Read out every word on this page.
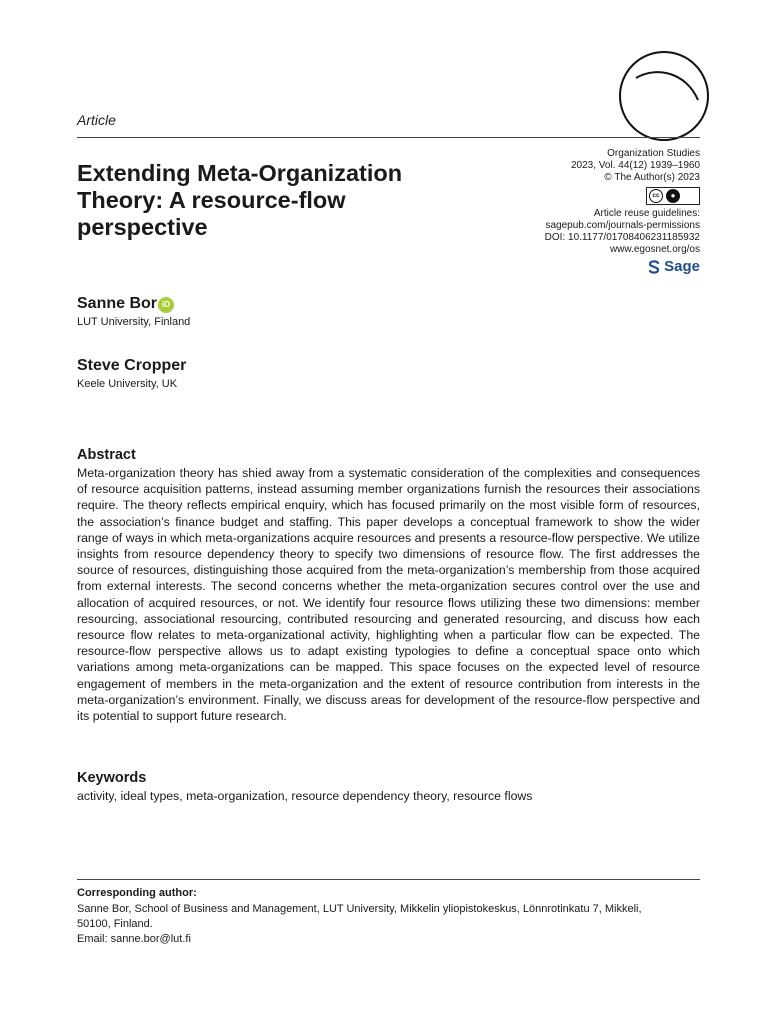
Article
Extending Meta-Organization Theory: A resource-flow perspective
Organization Studies
2023, Vol. 44(12) 1939–1960
© The Author(s) 2023
cc	●
Article reuse guidelines:
sagepub.com/journals-permissions
DOI: 10.1177/01708406231185932
www.egosnet.org/os
Sage
Sanne Bor iD
LUT University, Finland
Steve Cropper
Keele University, UK
Abstract

Meta-organization theory has shied away from a systematic consideration of the complexities and consequences of resource acquisition patterns, instead assuming member organizations furnish the resources their associations require. The theory reflects empirical enquiry, which has focused primarily on the most visible form of resources, the association’s finance budget and staffing. This paper develops a conceptual framework to show the wider range of ways in which meta-organizations acquire resources and presents a resource-flow perspective. We utilize insights from resource dependency theory to specify two dimensions of resource flow. The first addresses the source of resources, distinguishing those acquired from the meta-organization’s membership from those acquired from external interests. The second concerns whether the meta-organization secures control over the use and allocation of acquired resources, or not. We identify four resource flows utilizing these two dimensions: member resourcing, associational resourcing, contributed resourcing and generated resourcing, and discuss how each resource flow relates to meta-organizational activity, highlighting when a particular flow can be expected. The resource-flow perspective allows us to adapt existing typologies to define a conceptual space onto which variations among meta-organizations can be mapped. This space focuses on the expected level of resource engagement of members in the meta-organization and the extent of resource contribution from interests in the meta-organization’s environment. Finally, we discuss areas for development of the resource-flow perspective and its potential to support future research.

Keywords
activity, ideal types, meta-organization, resource dependency theory, resource flows
Corresponding author:
Sanne Bor, School of Business and Management, LUT University, Mikkelin yliopistokeskus, Lönnrotinkatu 7, Mikkeli,
50100, Finland.
Email: sanne.bor@lut.fi
